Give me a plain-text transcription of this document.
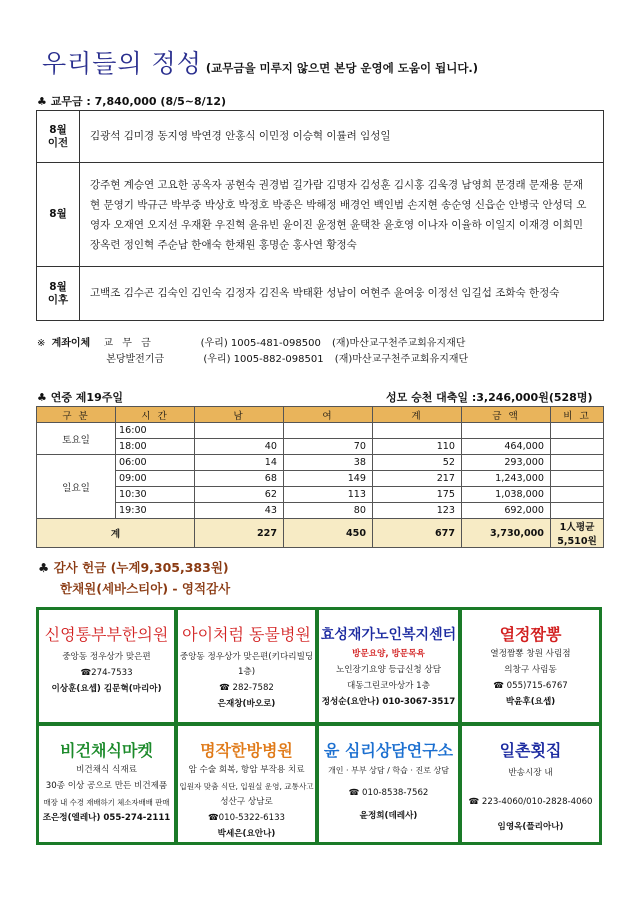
우리들의 정성 (교무금을 미루지 않으면 본당 운영에 도움이 됩니다.)
♣ 교무금 : 7,840,000 (8/5~8/12)
8월
이전	김광석 김미경 동지영 박연경 안홍식 이민정 이승혁 이률려 임성일

8월	강주현 계승연 고요한 공옥자 공현숙 권경범 길가람 김명자 김성훈 김시홍 김욱경 남영희 문경래 문재용 문재현 문영기 박규근 박부중 박상호 박정호 박종은 박해정 배경언 백인범 손지현 송순영 신읍순 안병국 안성덕 오영자 오재연 오지선 우재환 우진혁 윤유빈 윤이진 윤정현 윤택찬 윤호영 이나자 이율하 이일지 이재경 이희민 장옥련 정인혁 주순남 한애숙 한채원 홍명순 홍사연 황정숙

8월
이후	고백조 김수곤 김숙인 김인숙 김정자 김진옥 박태환 성남이 여현주 윤여웅 이정선 임길섭 조화숙 한정숙
※ 계좌이체 교 무 금	(우리) 1005-481-098500 (재)마산교구천주교회유지재단
본당발전기금	(우리) 1005-882-098501 (재)마산교구천주교회유지재단
♣ 연중 제19주일	성모 승천 대축일 :3,246,000원(528명)
구 분	시 간	남	여	계	금 액	비 고
토요일	16:00					
	18:00	40	70	110	464,000	
일요일	06:00	14	38	52	293,000	
	09:00	68	149	217	1,243,000	
	10:30	62	113	175	1,038,000	
	19:30	43	80	123	692,000	
계		227	450	677	3,730,000	1人평균5,510원
♣ 감사 헌금 (누계9,305,383원)
한채원(세바스티아) - 영적감사
신영통부부한의원
중앙동 정우상가 맞은편
☎274-7533
이상훈(요셉) 김문혁(마리아)
아이처럼 동물병원
중앙동 정우상가 맞은편(키다리빌딩1층)
☎ 282-7582
은재창(바오로)
효성재가노인복지센터
방문요양, 방문목욕
노인장기요양 등급신청 상담
대동그린코아상가 1층
정성순(요안나) 010-3067-3517
열정짬뽕
열정짬뽕 창원 사림점
의창구 사림동
☎ 055)715-6767
박윤후(요셉)
비건채식마켓
비건채식 식재료
30종 이상 공으로 만든 비건제품
매장 내 수경 재배하기 체소자배배 판매
조은정(엘레나) 055-274-2111
명작한방병원
암 수술 회복, 항암 부작용 치료
입원자 맞춤 식단, 입원실 운영, 교통사고
성산구 상남로
☎010-5322-6133
박세은(요안나)
윤 심리상담연구소
개인 · 부부 상담 / 학습 · 진로 상담
☎ 010-8538-7562
윤정희(데레사)
일촌횟집
반송시장 내
☎ 223-4060/010-2828-4060
임영옥(플리아나)
